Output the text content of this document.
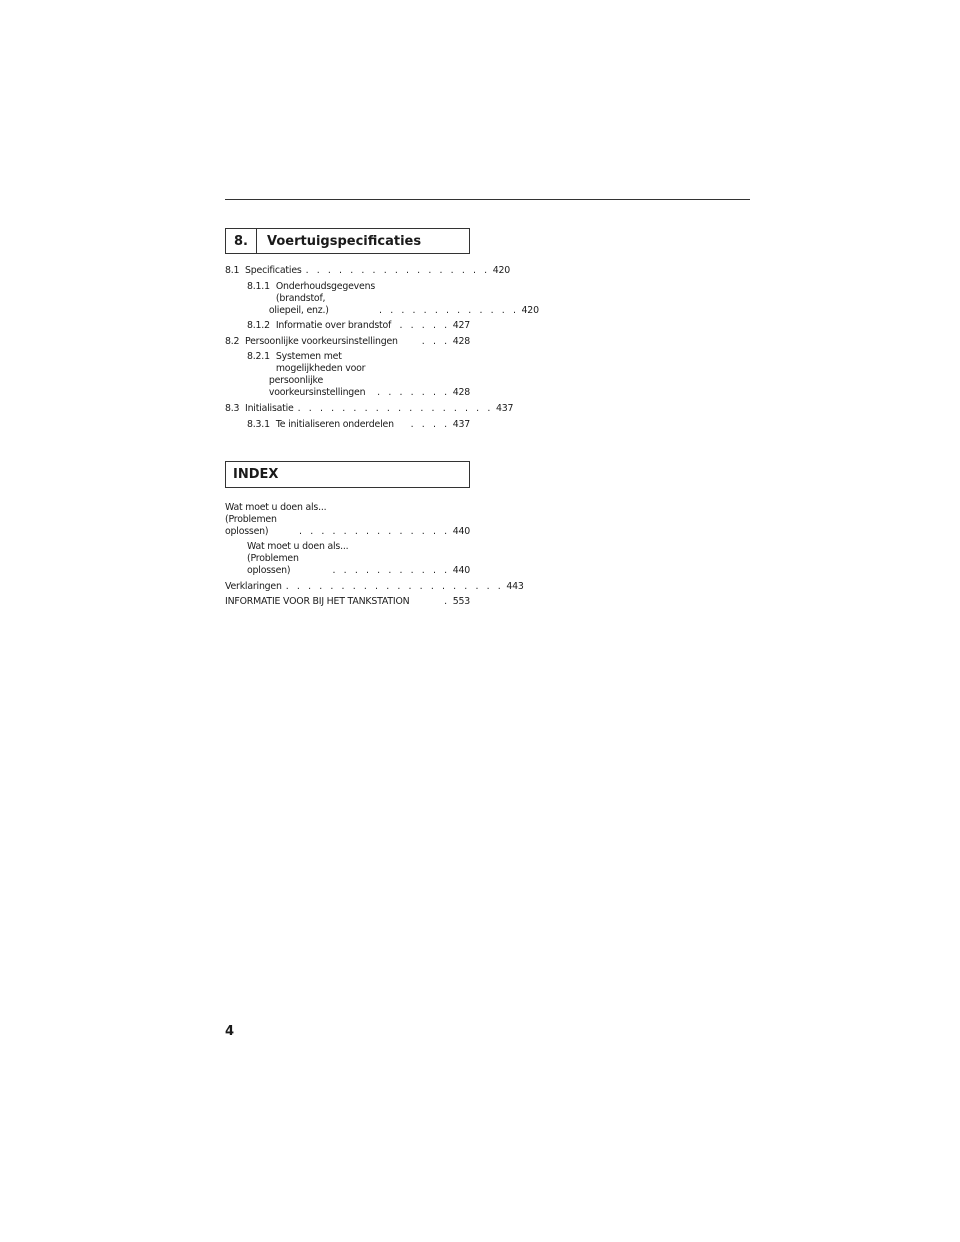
8.	Voertuigspecificaties
8.1 Specificaties . . . . . . . . . . . . . . . . . 420
8.1.1 Onderhoudsgegevens (brandstof,
oliepeil, enz.)	. . . . . . . . . . . . . 420
8.1.2 Informatie over brandstof . . . . . 427
8.2 Persoonlijke voorkeursinstellingen	. . . 428
8.2.1 Systemen met mogelijkheden voor
persoonlijke
voorkeursinstellingen	. . . . . . . 428
8.3 Initialisatie . . . . . . . . . . . . . . . . . . 437
8.3.1 Te initialiseren onderdelen	. . . . 437
INDEX
Wat moet u doen als...
(Problemen oplossen)	. . . . . . . . . . . . . . 440
Wat moet u doen als...
(Problemen oplossen)	. . . . . . . . . . . 440
Verklaringen . . . . . . . . . . . . . . . . . . . . 443
INFORMATIE VOOR BIJ HET TANKSTATION	. 553
4
